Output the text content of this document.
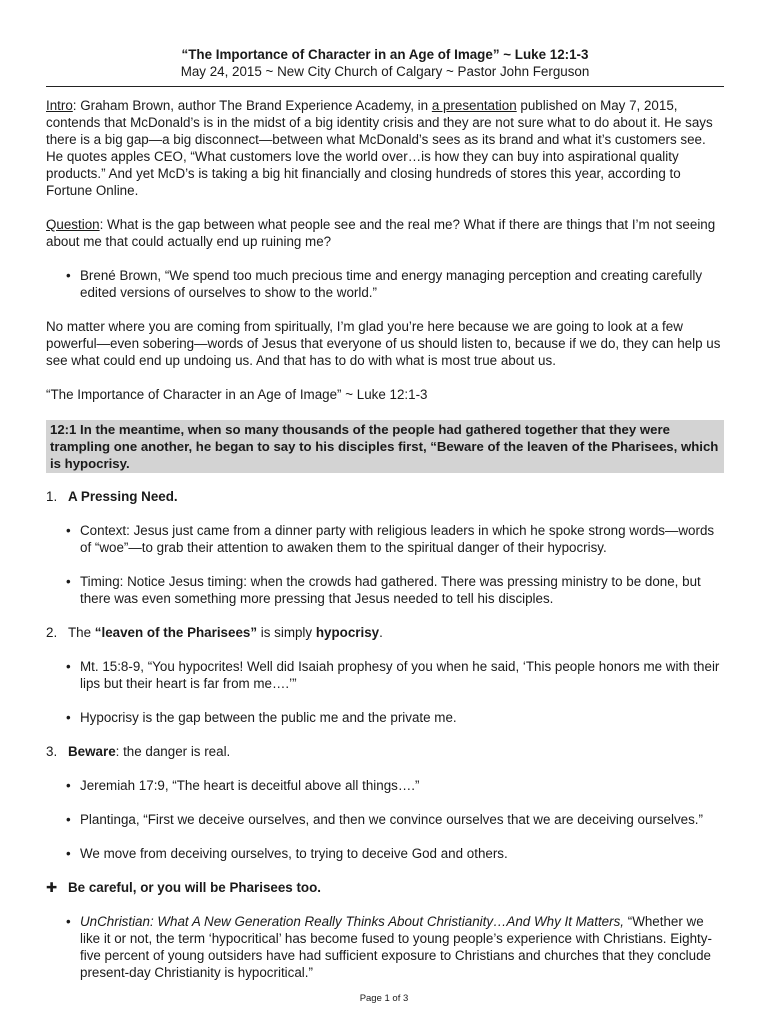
“The Importance of Character in an Age of Image” ~ Luke 12:1-3
May 24, 2015 ~ New City Church of Calgary ~ Pastor John Ferguson

Intro: Graham Brown, author The Brand Experience Academy, in a presentation published on May 7, 2015, contends that McDonald’s is in the midst of a big identity crisis and they are not sure what to do about it. He says there is a big gap—a big disconnect—between what McDonald’s sees as its brand and what it’s customers see. He quotes apples CEO, “What customers love the world over…is how they can buy into aspirational quality products.” And yet McD’s is taking a big hit financially and closing hundreds of stores this year, according to Fortune Online.

Question: What is the gap between what people see and the real me? What if there are things that I’m not seeing about me that could actually end up ruining me?

• Brené Brown, “We spend too much precious time and energy managing perception and creating carefully edited versions of ourselves to show to the world.”

No matter where you are coming from spiritually, I’m glad you’re here because we are going to look at a few powerful—even sobering—words of Jesus that everyone of us should listen to, because if we do, they can help us see what could end up undoing us. And that has to do with what is most true about us.

“The Importance of Character in an Age of Image” ~ Luke 12:1-3

12:1 In the meantime, when so many thousands of the people had gathered together that they were trampling one another, he began to say to his disciples first, “Beware of the leaven of the Pharisees, which is hypocrisy.
1. A Pressing Need.
• Context: Jesus just came from a dinner party with religious leaders in which he spoke strong words—words of “woe”—to grab their attention to awaken them to the spiritual danger of their hypocrisy.
• Timing: Notice Jesus timing: when the crowds had gathered. There was pressing ministry to be done, but there was even something more pressing that Jesus needed to tell his disciples.
2. The “leaven of the Pharisees” is simply hypocrisy.
• Mt. 15:8-9, “You hypocrites! Well did Isaiah prophesy of you when he said, ‘This people honors me with their lips but their heart is far from me….’”
• Hypocrisy is the gap between the public me and the private me.
3. Beware: the danger is real.
• Jeremiah 17:9, “The heart is deceitful above all things….”
• Plantinga, “First we deceive ourselves, and then we convince ourselves that we are deceiving ourselves.”
• We move from deceiving ourselves, to trying to deceive God and others.
✚ Be careful, or you will be Pharisees too.
• UnChristian: What A New Generation Really Thinks About Christianity…And Why It Matters, “Whether we like it or not, the term ‘hypocritical’ has become fused to young people’s experience with Christians. Eighty-five percent of young outsiders have had sufficient exposure to Christians and churches that they conclude present-day Christianity is hypocritical.”
Page 1 of 3
